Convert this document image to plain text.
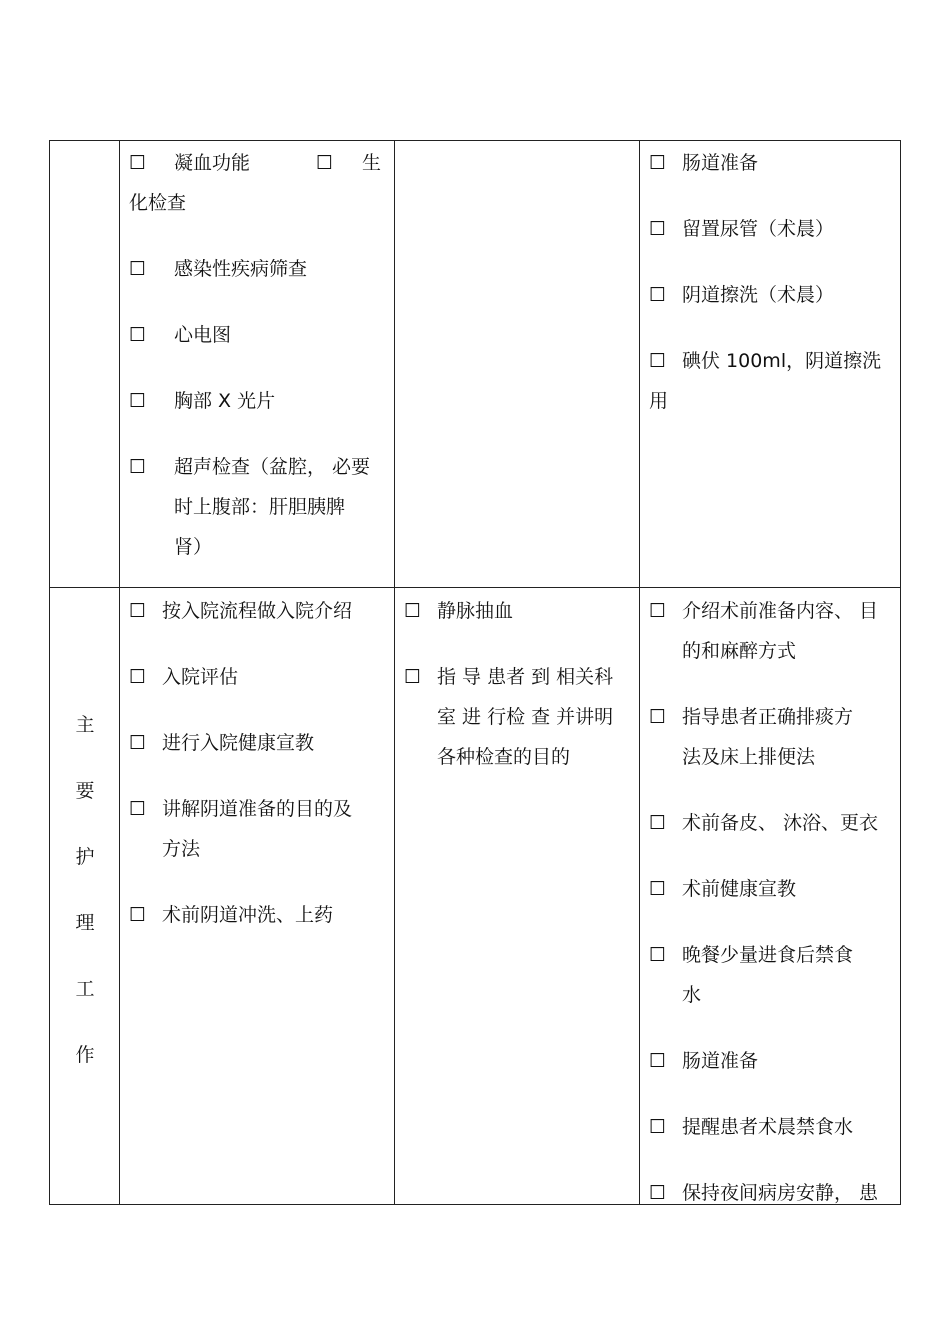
☐ 凝血功能	☐ 生
化检查
☐ 感染性疾病筛查
☐ 心电图
☐ 胸部 X 光片
☐ 超声检查（盆腔， 必要
时上腹部：肝胆胰脾
肾）
☐ 肠道准备
☐ 留置尿管（术晨）
☐ 阴道擦洗（术晨）
☐ 碘伏 100ml，阴道擦洗
用
主
要
护
理
工
作
☐ 按入院流程做入院介绍
☐ 入院评估
☐ 进行入院健康宣教
☐ 讲解阴道准备的目的及
方法
☐ 术前阴道冲洗、上药
☐ 静脉抽血
☐ 指 导 患者 到 相关科
室 进 行检 查 并讲明
各种检查的目的
☐ 介绍术前准备内容、 目
的和麻醉方式
☐ 指导患者正确排痰方
法及床上排便法
☐ 术前备皮、 沐浴、更衣
☐ 术前健康宣教
☐ 晚餐少量进食后禁食
水
☐ 肠道准备
☐ 提醒患者术晨禁食水
☐ 保持夜间病房安静， 患
